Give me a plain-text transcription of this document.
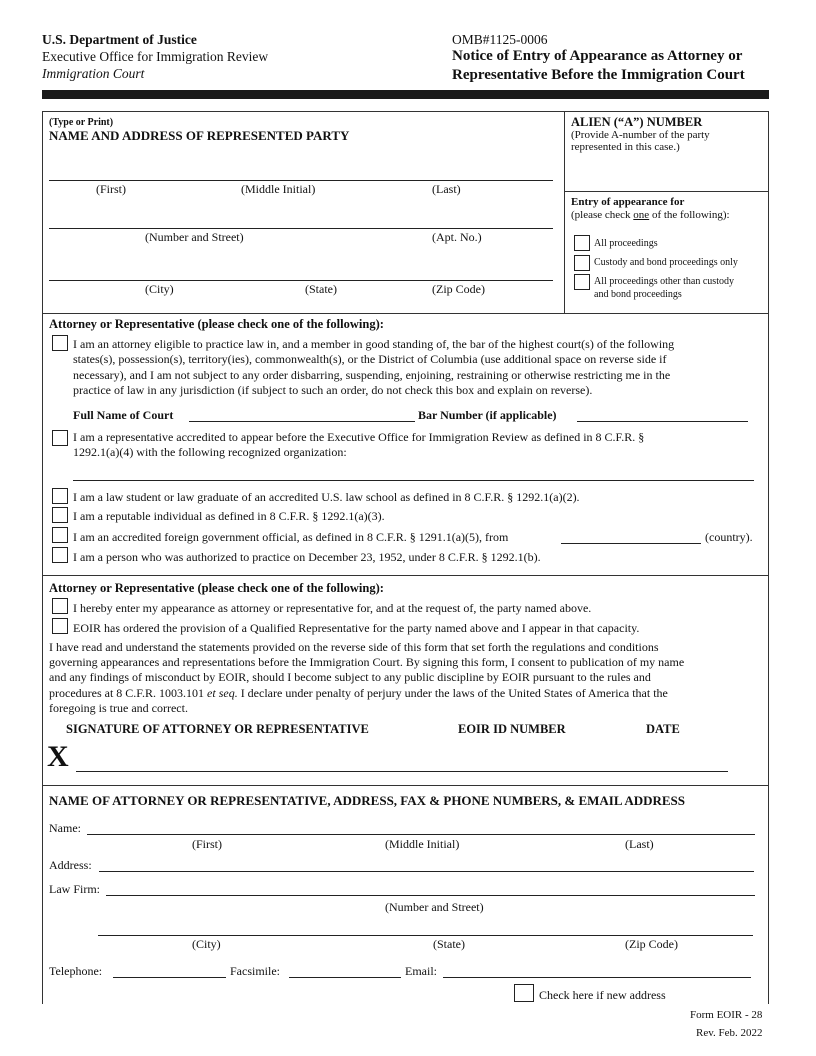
U.S. Department of Justice
Executive Office for Immigration Review
Immigration Court
OMB#1125-0006
Notice of Entry of Appearance as Attorney or
Representative Before the Immigration Court
(Type or Print)
NAME AND ADDRESS OF REPRESENTED PARTY
(First)	(Middle Initial)	(Last)
(Number and Street)	(Apt. No.)
(City)	(State)	(Zip Code)
ALIEN (“A”) NUMBER
(Provide A-number of the party
represented in this case.)
Entry of appearance for
(please check one of the following):
All proceedings
Custody and bond proceedings only
All proceedings other than custody
and bond proceedings
Attorney or Representative (please check one of the following):
I am an attorney eligible to practice law in, and a member in good standing of, the bar of the highest court(s) of the following
states(s), possession(s), territory(ies), commonwealth(s), or the District of Columbia (use additional space on reverse side if
necessary), and I am not subject to any order disbarring, suspending, enjoining, restraining or otherwise restricting me in the
practice of law in any jurisdiction (if subject to such an order, do not check this box and explain on reverse).
Full Name of Court	Bar Number (if applicable)
I am a representative accredited to appear before the Executive Office for Immigration Review as defined in 8 C.F.R. §
1292.1(a)(4) with the following recognized organization:
I am a law student or law graduate of an accredited U.S. law school as defined in 8 C.F.R. § 1292.1(a)(2).
I am a reputable individual as defined in 8 C.F.R. § 1292.1(a)(3).
I am an accredited foreign government official, as defined in 8 C.F.R. § 1291.1(a)(5), from	(country).
I am a person who was authorized to practice on December 23, 1952, under 8 C.F.R. § 1292.1(b).
Attorney or Representative (please check one of the following):
I hereby enter my appearance as attorney or representative for, and at the request of, the party named above.
EOIR has ordered the provision of a Qualified Representative for the party named above and I appear in that capacity.
I have read and understand the statements provided on the reverse side of this form that set forth the regulations and conditions
governing appearances and representations before the Immigration Court. By signing this form, I consent to publication of my name
and any findings of misconduct by EOIR, should I become subject to any public discipline by EOIR pursuant to the rules and
procedures at 8 C.F.R. 1003.101 et seq. I declare under penalty of perjury under the laws of the United States of America that the
foregoing is true and correct.
SIGNATURE OF ATTORNEY OR REPRESENTATIVE	EOIR ID NUMBER	DATE
X
NAME OF ATTORNEY OR REPRESENTATIVE, ADDRESS, FAX & PHONE NUMBERS, & EMAIL ADDRESS
Name:
(First)	(Middle Initial)	(Last)
Address:
Law Firm:
(Number and Street)
(City)	(State)	(Zip Code)
Telephone:	Facsimile:	Email:
Check here if new address
Form EOIR - 28
Rev. Feb. 2022
